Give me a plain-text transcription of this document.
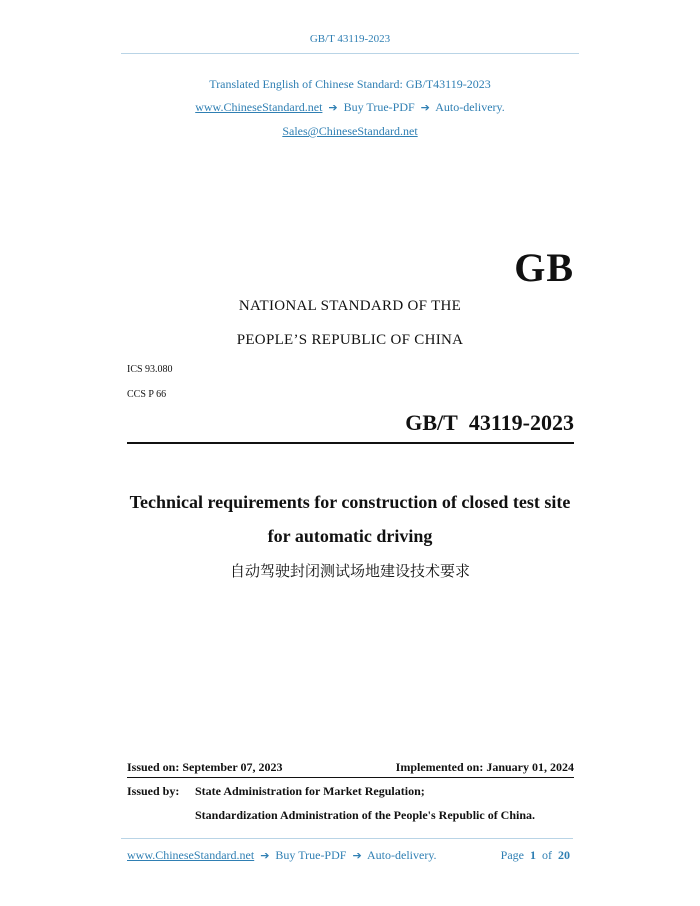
GB/T 43119-2023
Translated English of Chinese Standard: GB/T43119-2023
www.ChineseStandard.net ➔ Buy True-PDF ➔ Auto-delivery.
Sales@ChineseStandard.net
GB
NATIONAL STANDARD OF THE
PEOPLE’S REPUBLIC OF CHINA
ICS 93.080
CCS P 66
GB/T 43119-2023
Technical requirements for construction of closed test site
for automatic driving
自动驾驶封闭测试场地建设技术要求
Issued on: September 07, 2023	Implemented on: January 01, 2024
Issued by: State Administration for Market Regulation;
Standardization Administration of the People's Republic of China.
www.ChineseStandard.net ➔ Buy True-PDF ➔ Auto-delivery.	Page 1 of 20
